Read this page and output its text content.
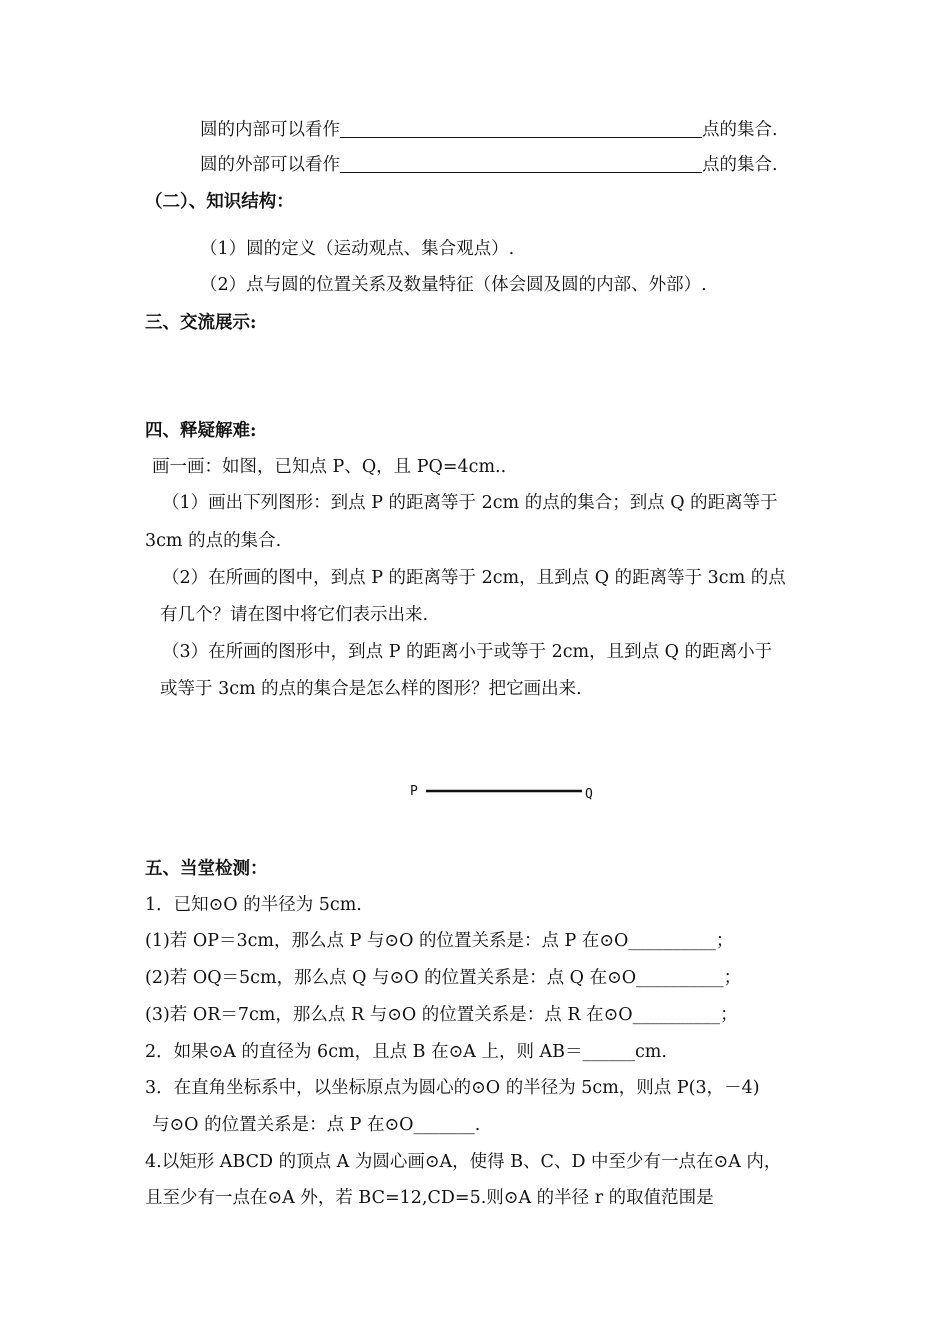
圆的内部可以看作	点的集合.
圆的外部可以看作	点的集合.
（二）、知识结构：
（1）圆的定义（运动观点、集合观点）.
（2）点与圆的位置关系及数量特征（体会圆及圆的内部、外部）.
三、交流展示:
四、释疑解难:
画一画：如图，已知点 P、Q，且 PQ=4cm..
（1）画出下列图形：到点 P 的距离等于 2cm 的点的集合；到点 Q 的距离等于
3cm 的点的集合.
（2）在所画的图中，到点 P 的距离等于 2cm，且到点 Q 的距离等于 3cm 的点
有几个？请在图中将它们表示出来.
（3）在所画的图形中，到点 P 的距离小于或等于 2cm，且到点 Q 的距离小于
或等于 3cm 的点的集合是怎么样的图形？把它画出来.
P	Q
五、当堂检测：
1．已知⊙O 的半径为 5cm.
(1)若 OP＝3cm，那么点 P 与⊙O 的位置关系是：点 P 在⊙O__________；
(2)若 OQ＝5cm，那么点 Q 与⊙O 的位置关系是：点 Q 在⊙O__________；
(3)若 OR＝7cm，那么点 R 与⊙O 的位置关系是：点 R 在⊙O__________；
2．如果⊙A 的直径为 6cm，且点 B 在⊙A 上，则 AB＝______cm.
3．在直角坐标系中，以坐标原点为圆心的⊙O 的半径为 5cm，则点 P(3，－4)
与⊙O 的位置关系是：点 P 在⊙O_______.
4.以矩形 ABCD 的顶点 A 为圆心画⊙A，使得 B、C、D 中至少有一点在⊙A 内，
且至少有一点在⊙A 外，若 BC=12,CD=5.则⊙A 的半径 r 的取值范围是
